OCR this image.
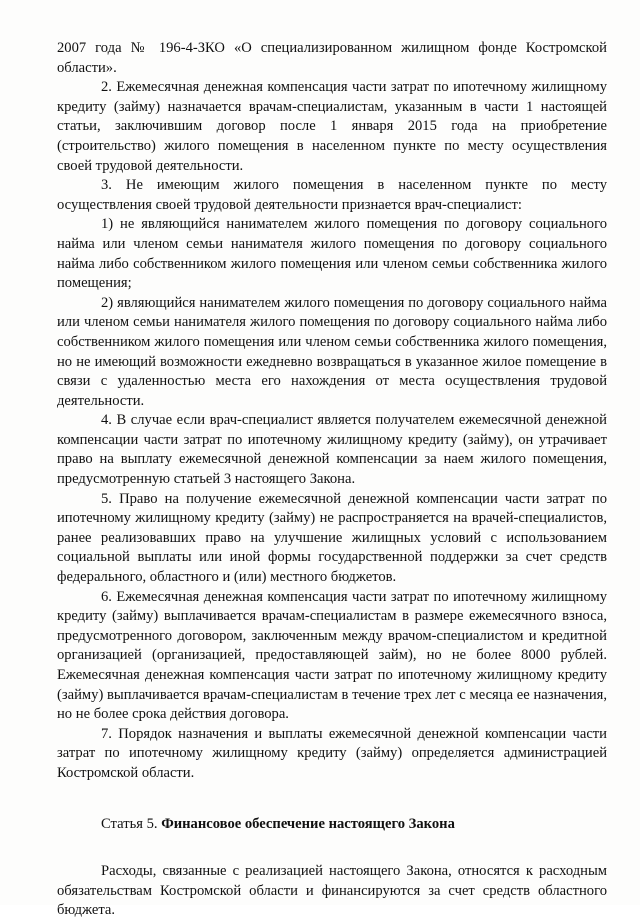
2007 года № 196-4-ЗКО «О специализированном жилищном фонде Костромской области».

2. Ежемесячная денежная компенсация части затрат по ипотечному жилищному кредиту (займу) назначается врачам-специалистам, указанным в части 1 настоящей статьи, заключившим договор после 1 января 2015 года на приобретение (строительство) жилого помещения в населенном пункте по месту осуществления своей трудовой деятельности.

3. Не имеющим жилого помещения в населенном пункте по месту осуществления своей трудовой деятельности признается врач-специалист:

1) не являющийся нанимателем жилого помещения по договору социального найма или членом семьи нанимателя жилого помещения по договору социального найма либо собственником жилого помещения или членом семьи собственника жилого помещения;

2) являющийся нанимателем жилого помещения по договору социального найма или членом семьи нанимателя жилого помещения по договору социального найма либо собственником жилого помещения или членом семьи собственника жилого помещения, но не имеющий возможности ежедневно возвращаться в указанное жилое помещение в связи с удаленностью места его нахождения от места осуществления трудовой деятельности.

4. В случае если врач-специалист является получателем ежемесячной денежной компенсации части затрат по ипотечному жилищному кредиту (займу), он утрачивает право на выплату ежемесячной денежной компенсации за наем жилого помещения, предусмотренную статьей 3 настоящего Закона.

5. Право на получение ежемесячной денежной компенсации части затрат по ипотечному жилищному кредиту (займу) не распространяется на врачей-специалистов, ранее реализовавших право на улучшение жилищных условий с использованием социальной выплаты или иной формы государственной поддержки за счет средств федерального, областного и (или) местного бюджетов.

6. Ежемесячная денежная компенсация части затрат по ипотечному жилищному кредиту (займу) выплачивается врачам-специалистам в размере ежемесячного взноса, предусмотренного договором, заключенным между врачом-специалистом и кредитной организацией (организацией, предоставляющей займ), но не более 8000 рублей. Ежемесячная денежная компенсация части затрат по ипотечному жилищному кредиту (займу) выплачивается врачам-специалистам в течение трех лет с месяца ее назначения, но не более срока действия договора.

7. Порядок назначения и выплаты ежемесячной денежной компенсации части затрат по ипотечному жилищному кредиту (займу) определяется администрацией Костромской области.

Статья 5. Финансовое обеспечение настоящего Закона

Расходы, связанные с реализацией настоящего Закона, относятся к расходным обязательствам Костромской области и финансируются за счет средств областного бюджета.
